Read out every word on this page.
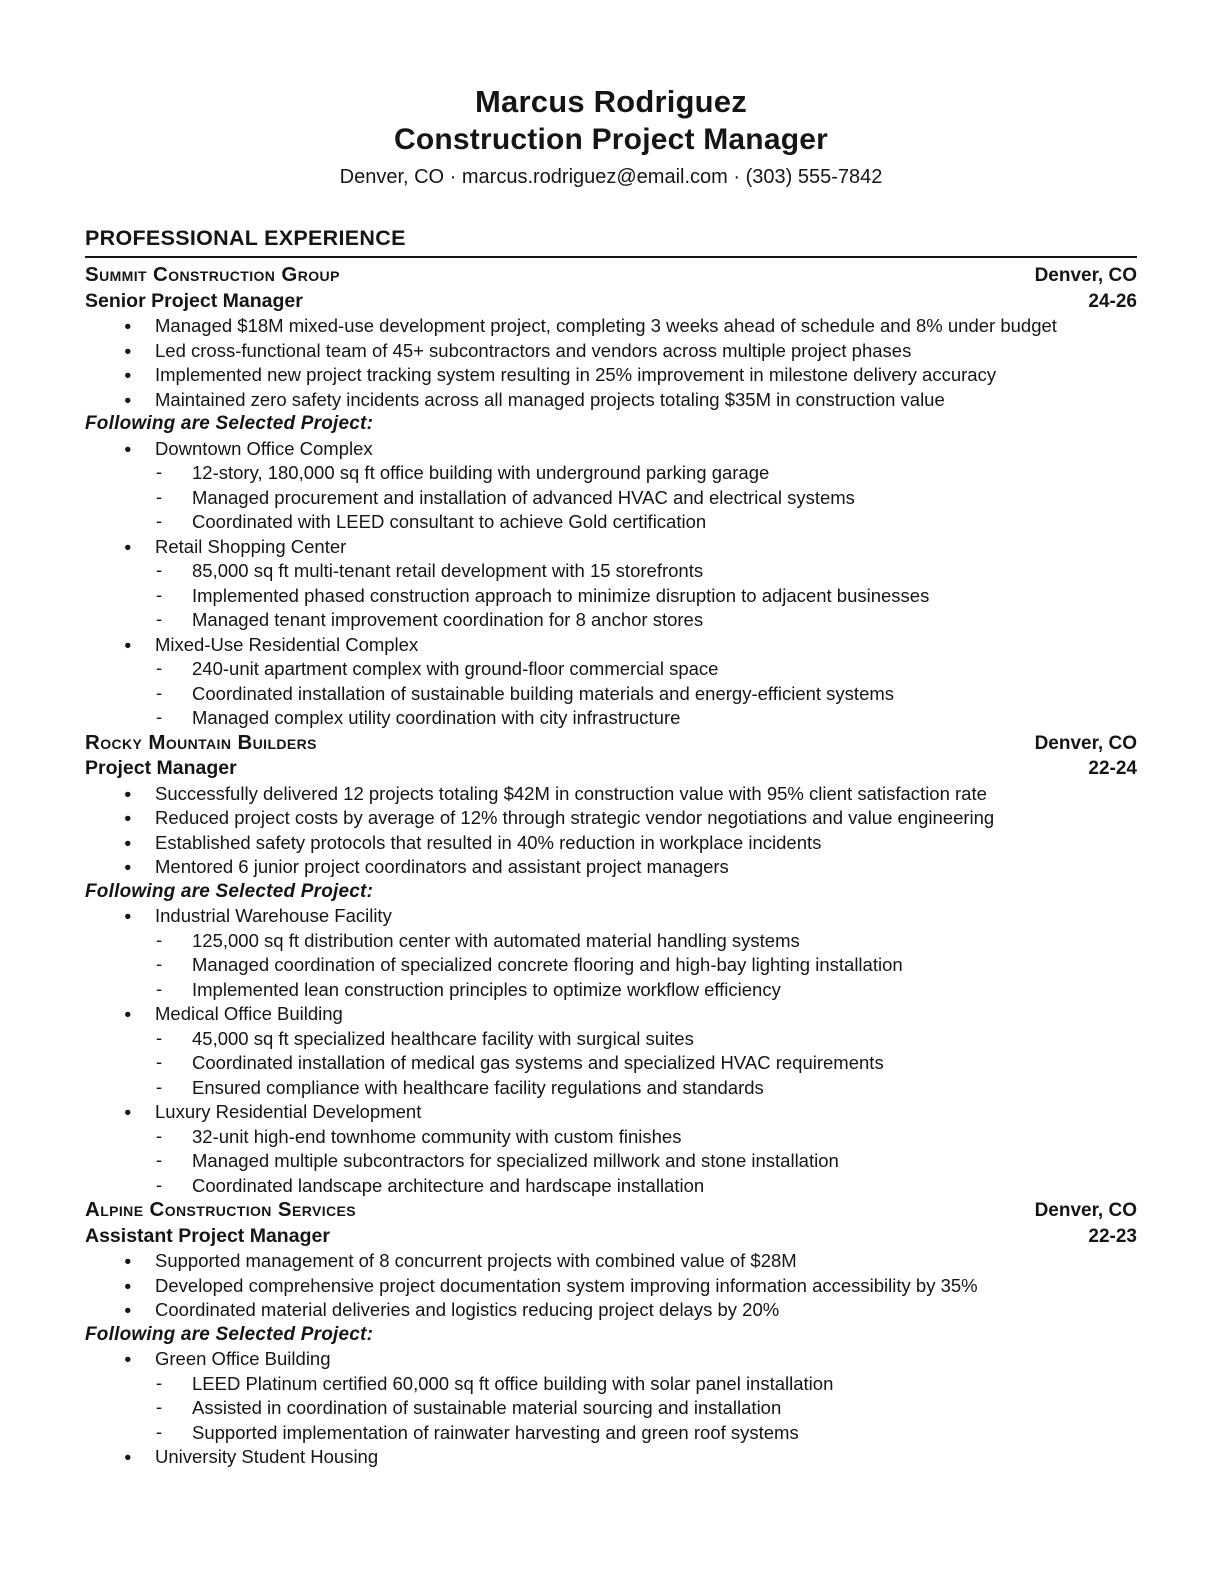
Marcus Rodriguez
Construction Project Manager
Denver, CO · marcus.rodriguez@email.com · (303) 555-7842
PROFESSIONAL EXPERIENCE
Summit Construction Group	Denver, CO
Senior Project Manager	24-26
● Managed $18M mixed-use development project, completing 3 weeks ahead of schedule and 8% under budget
● Led cross-functional team of 45+ subcontractors and vendors across multiple project phases
● Implemented new project tracking system resulting in 25% improvement in milestone delivery accuracy
● Maintained zero safety incidents across all managed projects totaling $35M in construction value
Following are Selected Project:
● Downtown Office Complex
- 12-story, 180,000 sq ft office building with underground parking garage
- Managed procurement and installation of advanced HVAC and electrical systems
- Coordinated with LEED consultant to achieve Gold certification
● Retail Shopping Center
- 85,000 sq ft multi-tenant retail development with 15 storefronts
- Implemented phased construction approach to minimize disruption to adjacent businesses
- Managed tenant improvement coordination for 8 anchor stores
● Mixed-Use Residential Complex
- 240-unit apartment complex with ground-floor commercial space
- Coordinated installation of sustainable building materials and energy-efficient systems
- Managed complex utility coordination with city infrastructure
Rocky Mountain Builders	Denver, CO
Project Manager	22-24
● Successfully delivered 12 projects totaling $42M in construction value with 95% client satisfaction rate
● Reduced project costs by average of 12% through strategic vendor negotiations and value engineering
● Established safety protocols that resulted in 40% reduction in workplace incidents
● Mentored 6 junior project coordinators and assistant project managers
Following are Selected Project:
● Industrial Warehouse Facility
- 125,000 sq ft distribution center with automated material handling systems
- Managed coordination of specialized concrete flooring and high-bay lighting installation
- Implemented lean construction principles to optimize workflow efficiency
● Medical Office Building
- 45,000 sq ft specialized healthcare facility with surgical suites
- Coordinated installation of medical gas systems and specialized HVAC requirements
- Ensured compliance with healthcare facility regulations and standards
● Luxury Residential Development
- 32-unit high-end townhome community with custom finishes
- Managed multiple subcontractors for specialized millwork and stone installation
- Coordinated landscape architecture and hardscape installation
Alpine Construction Services	Denver, CO
Assistant Project Manager	22-23
● Supported management of 8 concurrent projects with combined value of $28M
● Developed comprehensive project documentation system improving information accessibility by 35%
● Coordinated material deliveries and logistics reducing project delays by 20%
Following are Selected Project:
● Green Office Building
- LEED Platinum certified 60,000 sq ft office building with solar panel installation
- Assisted in coordination of sustainable material sourcing and installation
- Supported implementation of rainwater harvesting and green roof systems
● University Student Housing
